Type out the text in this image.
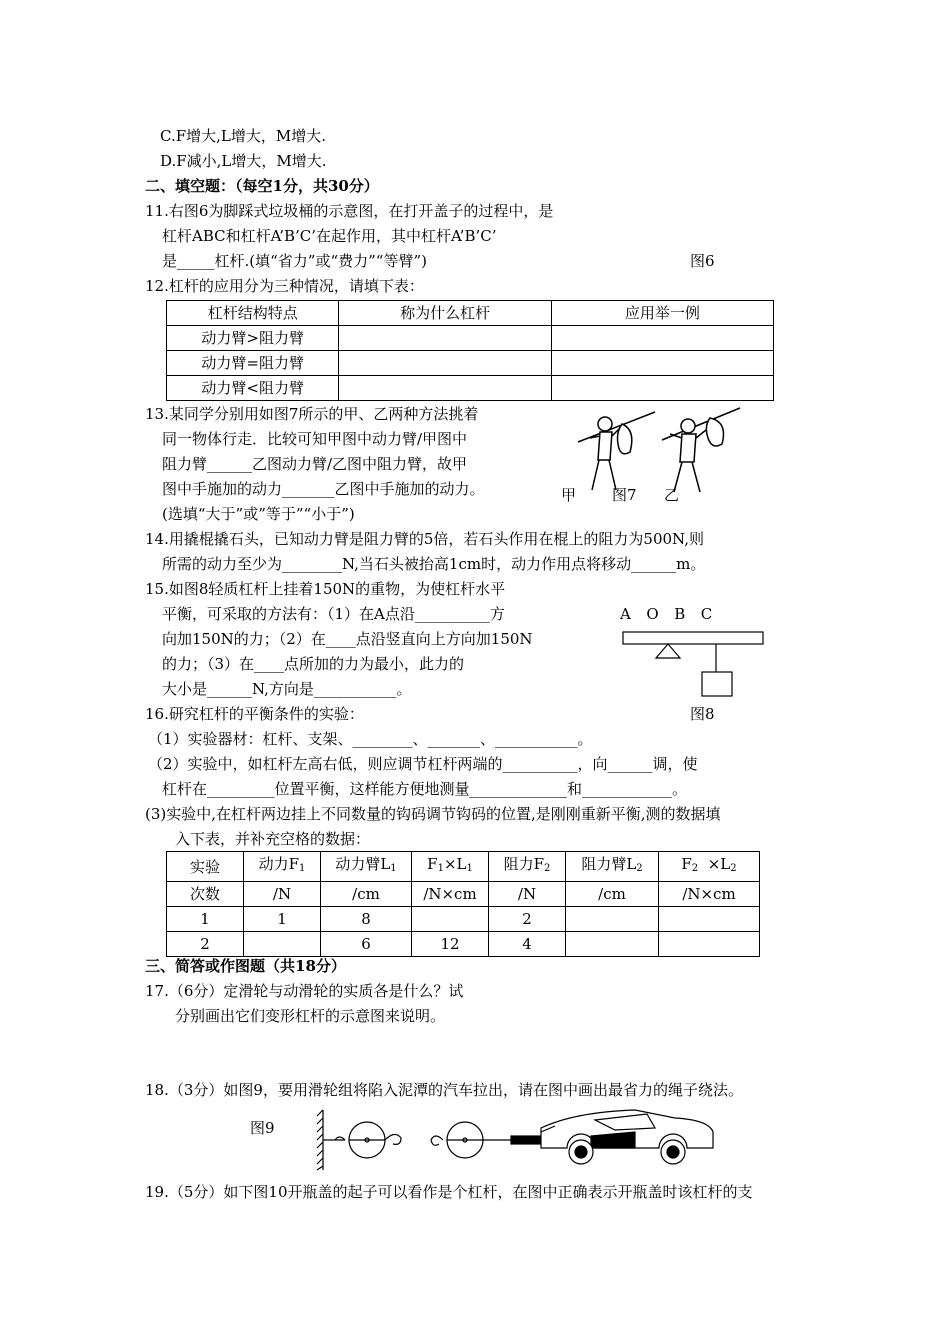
C.F增大,L增大，M增大.
D.F减小,L增大，M增大.
二、填空题：（每空1分，共30分）
11.右图6为脚踩式垃圾桶的示意图，在打开盖子的过程中，是
杠杆ABC和杠杆A’B’C’在起作用，其中杠杆A’B’C’
是_____杠杆.(填“省力”或“费力”“等臂”)	图6
12.杠杆的应用分为三种情况，请填下表：
杠杆结构特点	称为什么杠杆	应用举一例
动力臂>阻力臂		
动力臂=阻力臂		
动力臂<阻力臂		
13.某同学分别用如图7所示的甲、乙两种方法挑着
同一物体行走．比较可知甲图中动力臂/甲图中
阻力臂______乙图动力臂/乙图中阻力臂，故甲
图中手施加的动力_______乙图中手施加的动力。
(选填“大于”或”等于”“小于”)
甲 图7 乙
14.用撬棍撬石头，已知动力臂是阻力臂的5倍，若石头作用在棍上的阻力为500N,则
所需的动力至少为________N,当石头被抬高1cm时，动力作用点将移动______m。
15.如图8轻质杠杆上挂着150N的重物，为使杠杆水平
平衡，可采取的方法有：（1）在A点沿__________方
向加150N的力；（2）在____点沿竖直向上方向加150N
的力；（3）在____点所加的力为最小，此力的
大小是______N,方向是___________。
A  O  B  C
图8
16.研究杠杆的平衡条件的实验：
（1）实验器材：杠杆、支架、________、_______、___________。
（2）实验中，如杠杆左高右低，则应调节杠杆两端的__________，向______调，使
杠杆在_________位置平衡，这样能方便地测量_____________和____________。
(3)实验中,在杠杆两边挂上不同数量的钩码调节钩码的位置,是刚刚重新平衡,测的数据填
入下表，并补充空格的数据：
实验	动力$F_1$	动力臂$L_1$	$F_1\times L_1$	阻力$F_2$	阻力臂$L_2$	$F_2 \times L_2$
次数	/N	/cm	/N×cm	/N	/cm	/N×cm
1	1	8		2		
2		6	12	4		
三、简答或作图题（共18分）
17.（6分）定滑轮与动滑轮的实质各是什么？试
分别画出它们变形杠杆的示意图来说明。
18.（3分）如图9，要用滑轮组将陷入泥潭的汽车拉出，请在图中画出最省力的绳子绕法。
图9
19.（5分）如下图10开瓶盖的起子可以看作是个杠杆，在图中正确表示开瓶盖时该杠杆的支
